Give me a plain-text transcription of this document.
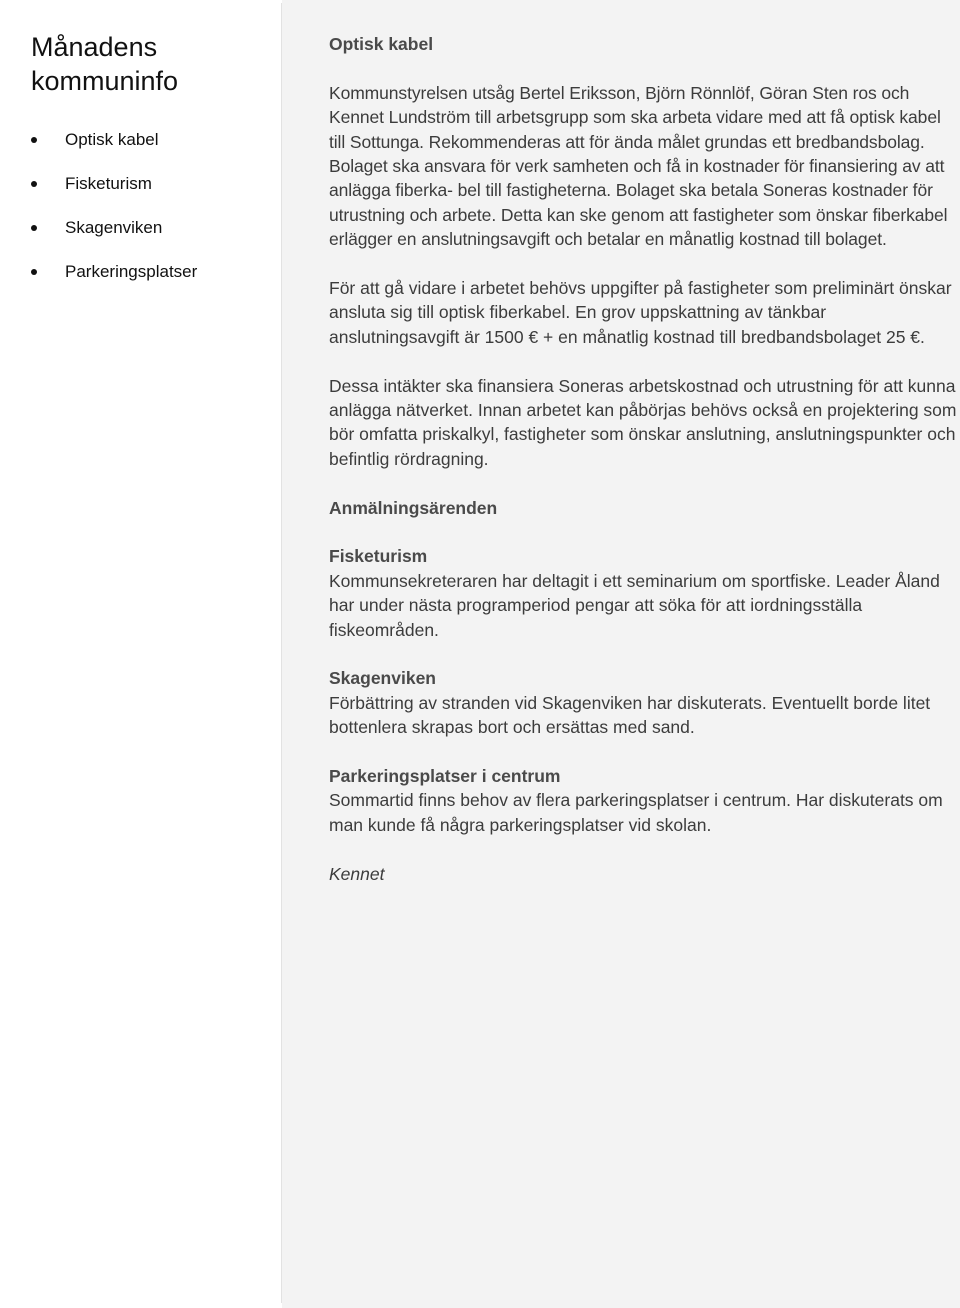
Månadens kommuninfo
Optisk kabel
Fisketurism
Skagenviken
Parkeringsplatser

Optisk kabel

Kommunstyrelsen utsåg Bertel Eriksson, Björn Rönnlöf, Göran Sten ros och Kennet Lundström till arbetsgrupp som ska arbeta vidare med att få optisk kabel till Sottunga. Rekommenderas att för ända målet grundas ett bredbandsbolag. Bolaget ska ansvara för verk samheten och få in kostnader för finansiering av att anlägga fiberka- bel till fastigheterna. Bolaget ska betala Soneras kostnader för utrustning och arbete. Detta kan ske genom att fastigheter som önskar fiberkabel erlägger en anslutningsavgift och betalar en månatlig kostnad till bolaget.

För att gå vidare i arbetet behövs uppgifter på fastigheter som preliminärt önskar ansluta sig till optisk fiberkabel. En grov uppskattning av tänkbar anslutningsavgift är 1500 € + en månatlig kostnad till bredbandsbolaget 25 €.

Dessa intäkter ska finansiera Soneras arbetskostnad och utrustning för att kunna anlägga nätverket. Innan arbetet kan påbörjas behövs också en projektering som bör omfatta priskalkyl, fastigheter som önskar anslutning, anslutningspunkter och befintlig rördragning.

Anmälningsärenden

Fisketurism

Kommunsekreteraren har deltagit i ett seminarium om sportfiske. Leader Åland har under nästa programperiod pengar att söka för att iordningsställa fiskeområden.

Skagenviken

Förbättring av stranden vid Skagenviken har diskuterats. Eventuellt borde litet bottenlera skrapas bort och ersättas med sand.

Parkeringsplatser i centrum

Sommartid finns behov av flera parkeringsplatser i centrum. Har diskuterats om man kunde få några parkeringsplatser vid skolan.

Kennet
